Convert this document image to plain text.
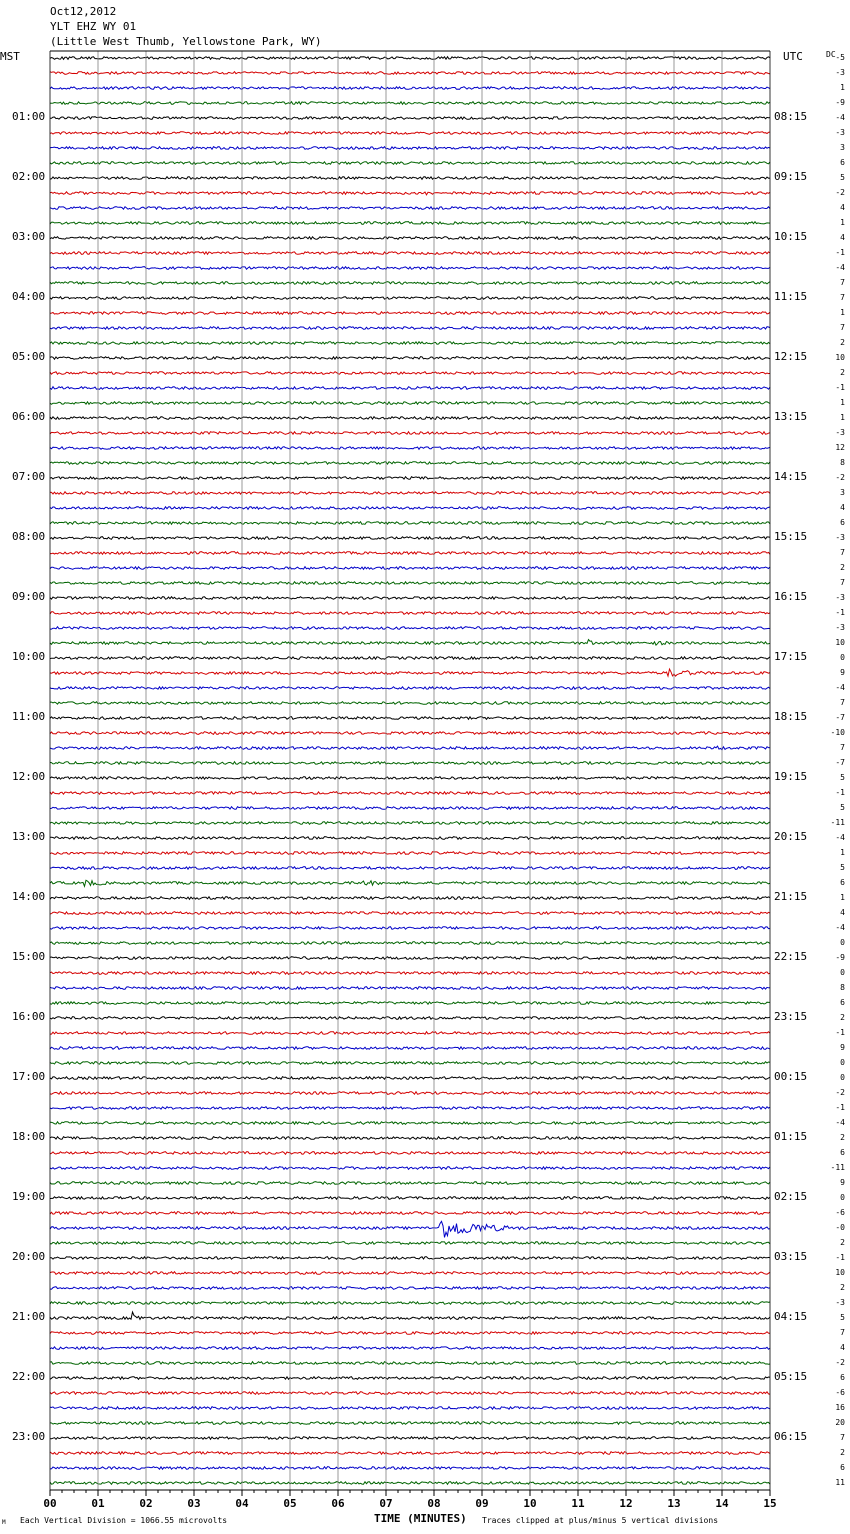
00	01	02	03	04	05	06	07	08	09	10	11	12	13	14	15
Oct12,2012
YLT EHZ WY 01
(Little West Thumb, Yellowstone Park, WY)
MST	UTC	DC
01:00
02:00
03:00
04:00
05:00
06:00
07:00
08:00
09:00
10:00
11:00
12:00
13:00
14:00
15:00
16:00
17:00
18:00
19:00
20:00
21:00
22:00
23:00
08:15
09:15
10:15
11:15
12:15
13:15
14:15
15:15
16:15
17:15
18:15
19:15
20:15
21:15
22:15
23:15
00:15
01:15
02:15
03:15
04:15
05:15
06:15
-5
-3
1
-9
-4
-3
3
6
5
-2
4
1
4
-1
-4
7
7
1
7
2
10
2
-1
1
1
-3
12
8
-2
3
4
6
-3
7
2
7
-3
-1
-3
10
0
9
-4
7
-7
-10
7
-7
5
-1
5
-11
-4
1
5
6
1
4
-4
0
-9
0
8
6
2
-1
9
0
0
-2
-1
-4
2
6
-11
9
0
-6
-0
2
-1
10
2
-3
5
7
4
-2
6
-6
16
20
7
2
6
11
TIME (MINUTES)
Each Vertical Division = 1066.55 microvolts	Traces clipped at plus/minus 5 vertical divisions
M
